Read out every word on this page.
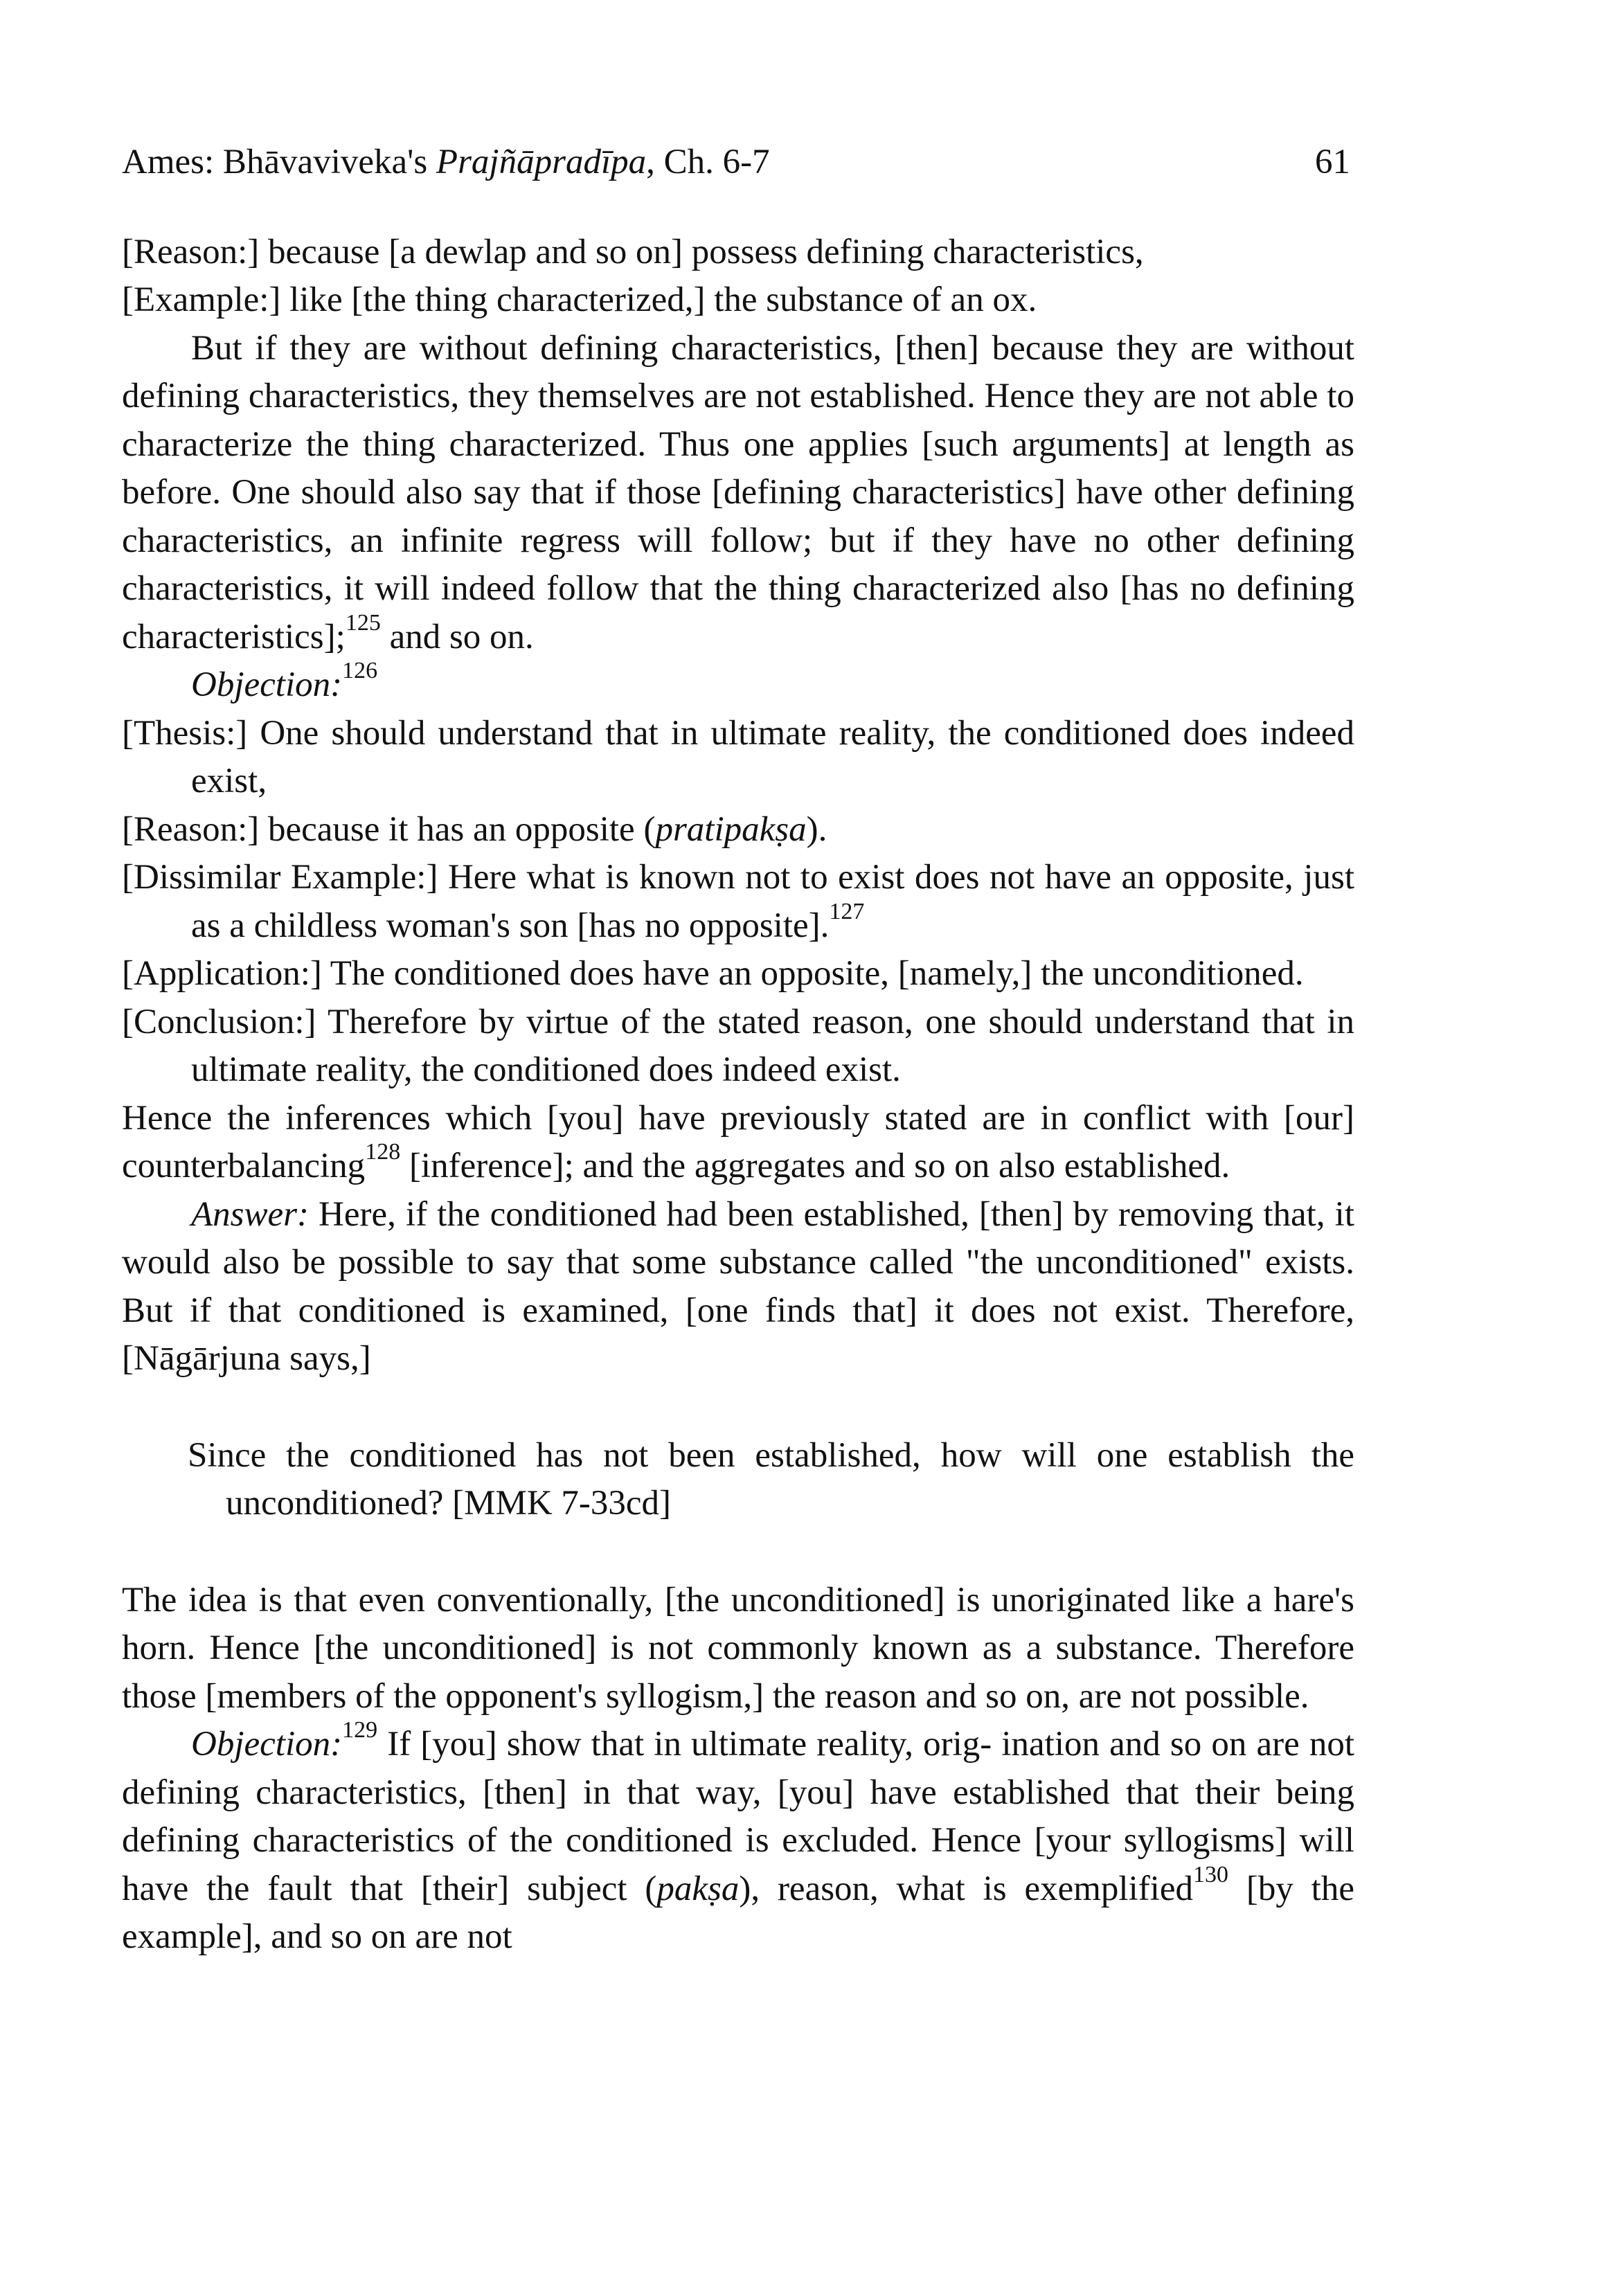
Ames: Bhāvaviveka's Prajñāpradīpa, Ch. 6-7	61

[Reason:] because [a dewlap and so on] possess defining characteristics,

[Example:] like [the thing characterized,] the substance of an ox.

But if they are without defining characteristics, [then] because they are without defining characteristics, they themselves are not established. Hence they are not able to characterize the thing characterized. Thus one applies [such arguments] at length as before. One should also say that if those [defining characteristics] have other defining characteristics, an infinite regress will follow; but if they have no other defining characteristics, it will indeed follow that the thing characterized also [has no defining characteristics];$^{125}$ and so on.

Objection:$^{126}$

[Thesis:] One should understand that in ultimate reality, the conditioned does indeed exist,

[Reason:] because it has an opposite (pratipakṣa).

[Dissimilar Example:] Here what is known not to exist does not have an opposite, just as a childless woman's son [has no opposite].$^{127}$

[Application:] The conditioned does have an opposite, [namely,] the unconditioned.

[Conclusion:] Therefore by virtue of the stated reason, one should understand that in ultimate reality, the conditioned does indeed exist.

Hence the inferences which [you] have previously stated are in conflict with [our] counterbalancing$^{128}$ [inference]; and the aggregates and so on also established.

Answer: Here, if the conditioned had been established, [then] by removing that, it would also be possible to say that some substance called "the unconditioned" exists. But if that conditioned is examined, [one finds that] it does not exist. Therefore, [Nāgārjuna says,]

Since the conditioned has not been established, how will one establish the unconditioned? [MMK 7-33cd]

The idea is that even conventionally, [the unconditioned] is unoriginated like a hare's horn. Hence [the unconditioned] is not commonly known as a substance. Therefore those [members of the opponent's syllogism,] the reason and so on, are not possible.

Objection:$^{129}$ If [you] show that in ultimate reality, orig- ination and so on are not defining characteristics, [then] in that way, [you] have established that their being defining characteristics of the conditioned is excluded. Hence [your syllogisms] will have the fault that [their] subject (pakṣa), reason, what is exemplified$^{130}$ [by the example], and so on are not
